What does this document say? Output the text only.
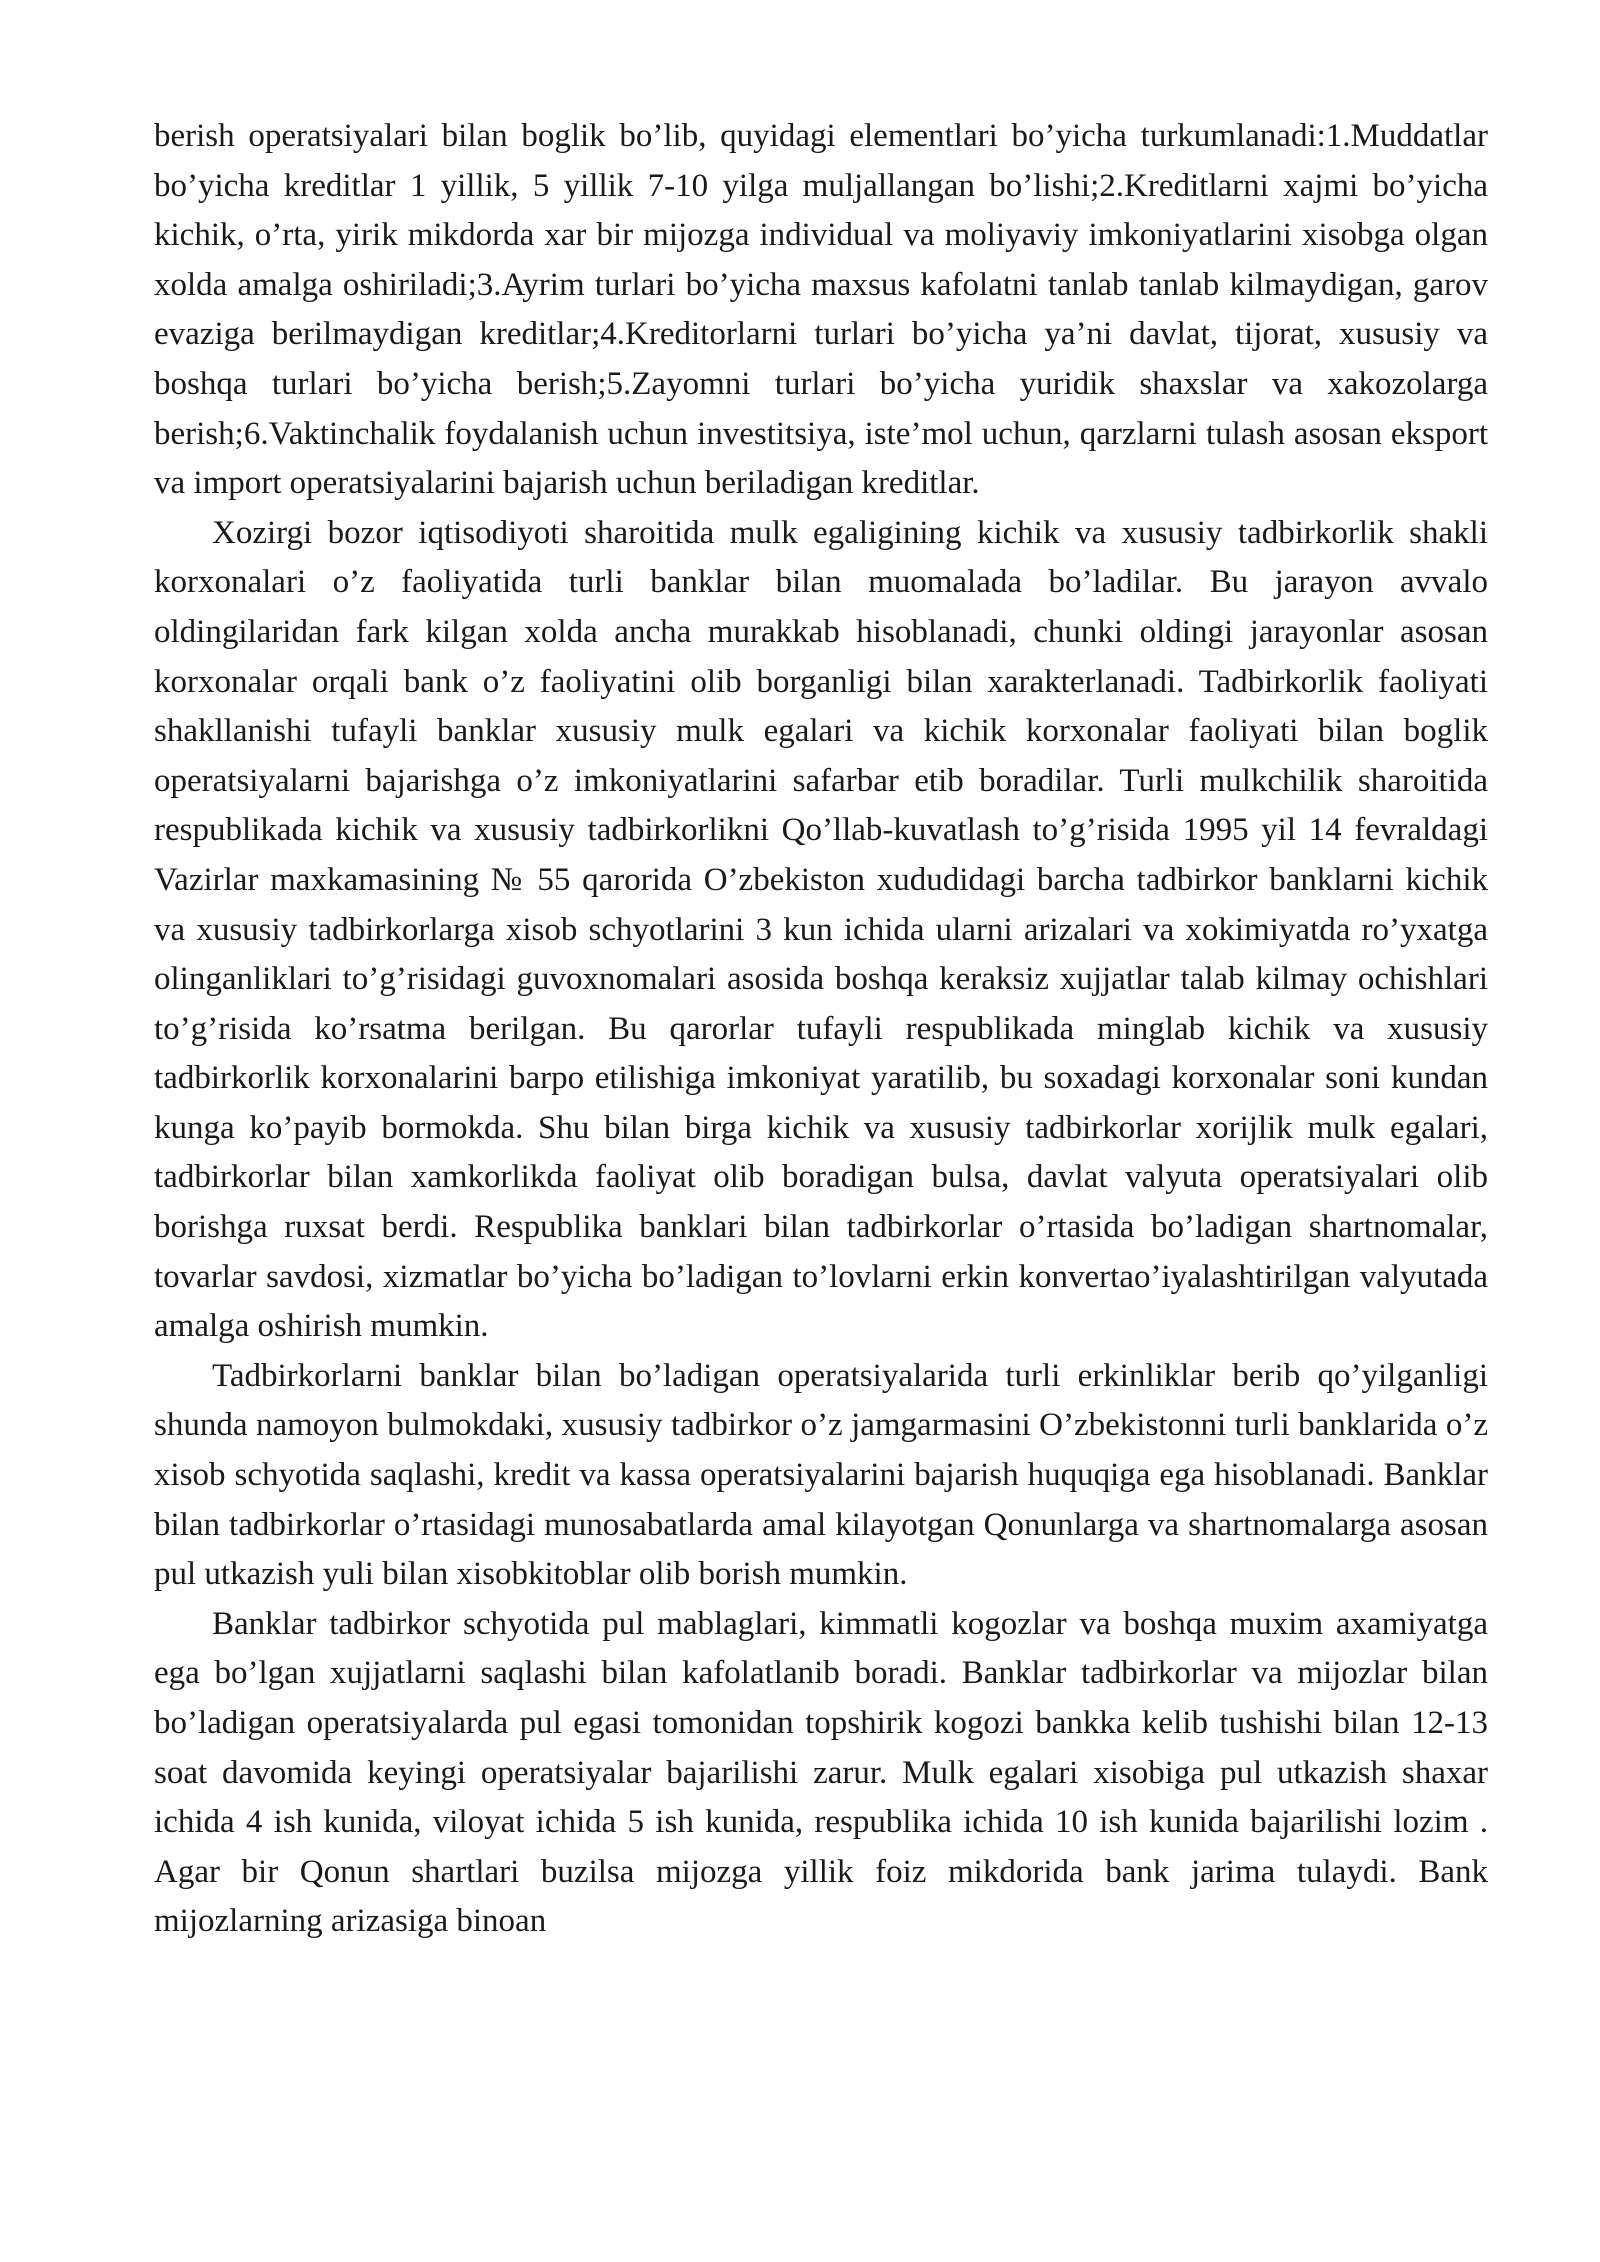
berish operatsiyalari bilan boglik bo’lib, quyidagi elementlari bo’yicha turkumlanadi:1.Muddatlar bo’yicha kreditlar 1 yillik, 5 yillik 7-10 yilga muljallangan bo’lishi;2.Kreditlarni xajmi bo’yicha kichik, o’rta, yirik mikdorda xar bir mijozga individual va moliyaviy imkoniyatlarini xisobga olgan xolda amalga oshiriladi;3.Ayrim turlari bo’yicha maxsus kafolatni tanlab tanlab kilmaydigan, garov evaziga berilmaydigan kreditlar;4.Kreditorlarni turlari bo’yicha ya’ni davlat, tijorat, xususiy va boshqa turlari bo’yicha berish;5.Zayomni turlari bo’yicha yuridik shaxslar va xakozolarga berish;6.Vaktinchalik foydalanish uchun investitsiya, iste’mol uchun, qarzlarni tulash asosan eksport va import operatsiyalarini bajarish uchun beriladigan kreditlar.

Xozirgi bozor iqtisodiyoti sharoitida mulk egaligining kichik va xususiy tadbirkorlik shakli korxonalari o’z faoliyatida turli banklar bilan muomalada bo’ladilar. Bu jarayon avvalo oldingilaridan fark kilgan xolda ancha murakkab hisoblanadi, chunki oldingi jarayonlar asosan korxonalar orqali bank o’z faoliyatini olib borganligi bilan xarakterlanadi. Tadbirkorlik faoliyati shakllanishi tufayli banklar xususiy mulk egalari va kichik korxonalar faoliyati bilan boglik operatsiyalarni bajarishga o’z imkoniyatlarini safarbar etib boradilar. Turli mulkchilik sharoitida respublikada kichik va xususiy tadbirkorlikni Qo’llab-kuvatlash to’g’risida 1995 yil 14 fevraldagi Vazirlar maxkamasining № 55 qarorida O’zbekiston xududidagi barcha tadbirkor banklarni kichik va xususiy tadbirkorlarga xisob schyotlarini 3 kun ichida ularni arizalari va xokimiyatda ro’yxatga olinganliklari to’g’risidagi guvoxnomalari asosida boshqa keraksiz xujjatlar talab kilmay ochishlari to’g’risida ko’rsatma berilgan. Bu qarorlar tufayli respublikada minglab kichik va xususiy tadbirkorlik korxonalarini barpo etilishiga imkoniyat yaratilib, bu soxadagi korxonalar soni kundan kunga ko’payib bormokda. Shu bilan birga kichik va xususiy tadbirkorlar xorijlik mulk egalari, tadbirkorlar bilan xamkorlikda faoliyat olib boradigan bulsa, davlat valyuta operatsiyalari olib borishga ruxsat berdi. Respublika banklari bilan tadbirkorlar o’rtasida bo’ladigan shartnomalar, tovarlar savdosi, xizmatlar bo’yicha bo’ladigan to’lovlarni erkin konvertao’iyalashtirilgan valyutada amalga oshirish mumkin.

Tadbirkorlarni banklar bilan bo’ladigan operatsiyalarida turli erkinliklar berib qo’yilganligi shunda namoyon bulmokdaki, xususiy tadbirkor o’z jamgarmasini O’zbekistonni turli banklarida o’z xisob schyotida saqlashi, kredit va kassa operatsiyalarini bajarish huquqiga ega hisoblanadi. Banklar bilan tadbirkorlar o’rtasidagi munosabatlarda amal kilayotgan Qonunlarga va shartnomalarga asosan pul utkazish yuli bilan xisobkitoblar olib borish mumkin.

Banklar tadbirkor schyotida pul mablaglari, kimmatli kogozlar va boshqa muxim axamiyatga ega bo’lgan xujjatlarni saqlashi bilan kafolatlanib boradi. Banklar tadbirkorlar va mijozlar bilan bo’ladigan operatsiyalarda pul egasi tomonidan topshirik kogozi bankka kelib tushishi bilan 12-13 soat davomida keyingi operatsiyalar bajarilishi zarur. Mulk egalari xisobiga pul utkazish shaxar ichida 4 ish kunida, viloyat ichida 5 ish kunida, respublika ichida 10 ish kunida bajarilishi lozim . Agar bir Qonun shartlari buzilsa mijozga yillik foiz mikdorida bank jarima tulaydi. Bank mijozlarning arizasiga binoan
